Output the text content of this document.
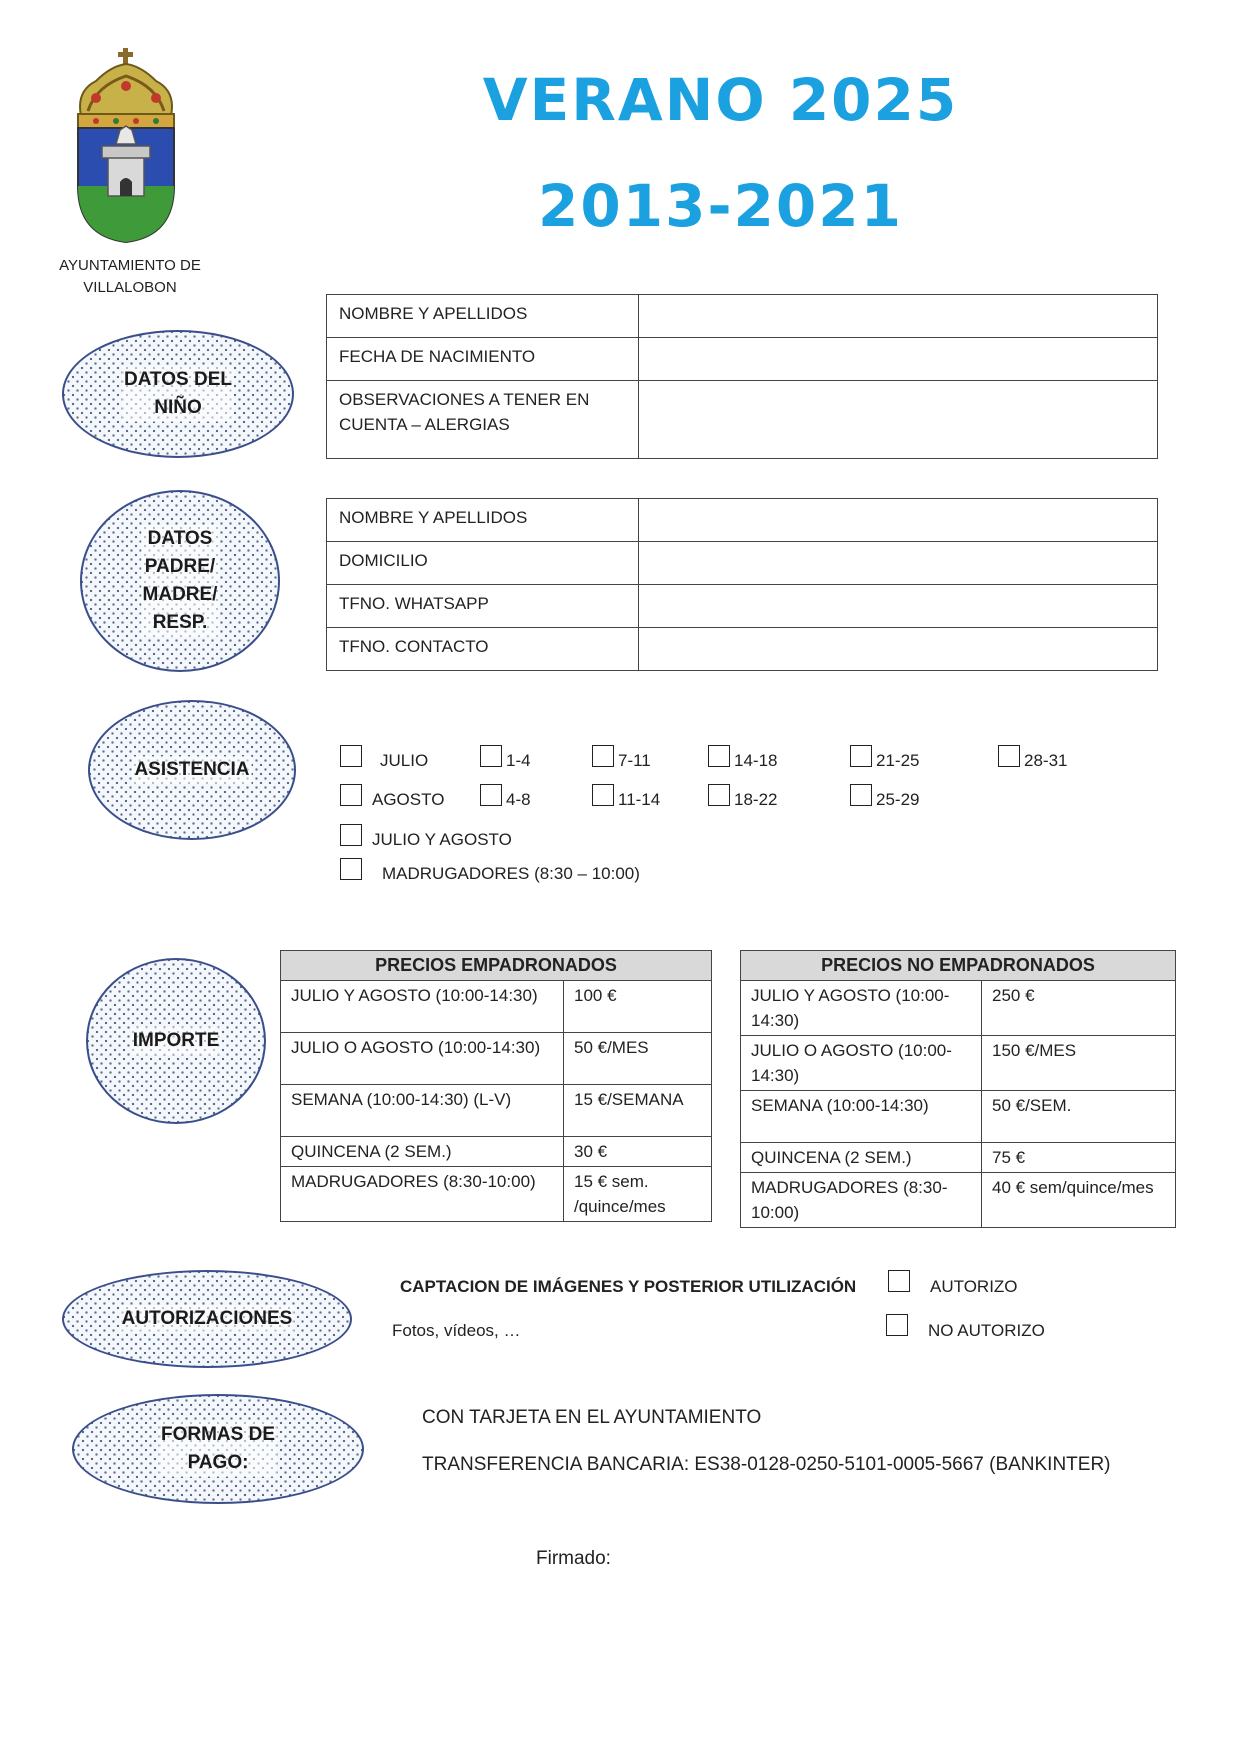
AYUNTAMIENTO DE
VILLALOBON
VERANO 2025
2013-2021
DATOS DEL
NIÑO
DATOS
PADRE/
MADRE/
RESP.
ASISTENCIA
IMPORTE
AUTORIZACIONES
FORMAS DE
PAGO:
NOMBRE Y APELLIDOS	
FECHA DE NACIMIENTO	

OBSERVACIONES A TENER EN
CUENTA – ALERGIAS	

NOMBRE Y APELLIDOS	
DOMICILIO	
TFNO. WHATSAPP	
TFNO. CONTACTO	
JULIO	1-4	7-11	14-18	21-25	28-31
AGOSTO	4-8	11-14	18-22	25-29
JULIO Y AGOSTO
MADRUGADORES (8:30 – 10:00)
PRECIOS EMPADRONADOS	
JULIO Y AGOSTO (10:00-14:30)	100 €
JULIO O AGOSTO (10:00-14:30)	50 €/MES
SEMANA (10:00-14:30) (L-V)	15 €/SEMANA
QUINCENA (2 SEM.)	30 €
MADRUGADORES (8:30-10:00)	15 € sem. /quince/mes
PRECIOS NO EMPADRONADOS	
JULIO Y AGOSTO (10:00-14:30)	250 €
JULIO O AGOSTO (10:00-14:30)	150 €/MES
SEMANA (10:00-14:30)	50 €/SEM.
QUINCENA (2 SEM.)	75 €
MADRUGADORES (8:30-10:00)	40 € sem/quince/mes
CAPTACION DE IMÁGENES Y POSTERIOR UTILIZACIÓN
Fotos, vídeos, …
AUTORIZO
NO AUTORIZO
CON TARJETA EN EL AYUNTAMIENTO
TRANSFERENCIA BANCARIA: ES38-0128-0250-5101-0005-5667 (BANKINTER)
Firmado:
